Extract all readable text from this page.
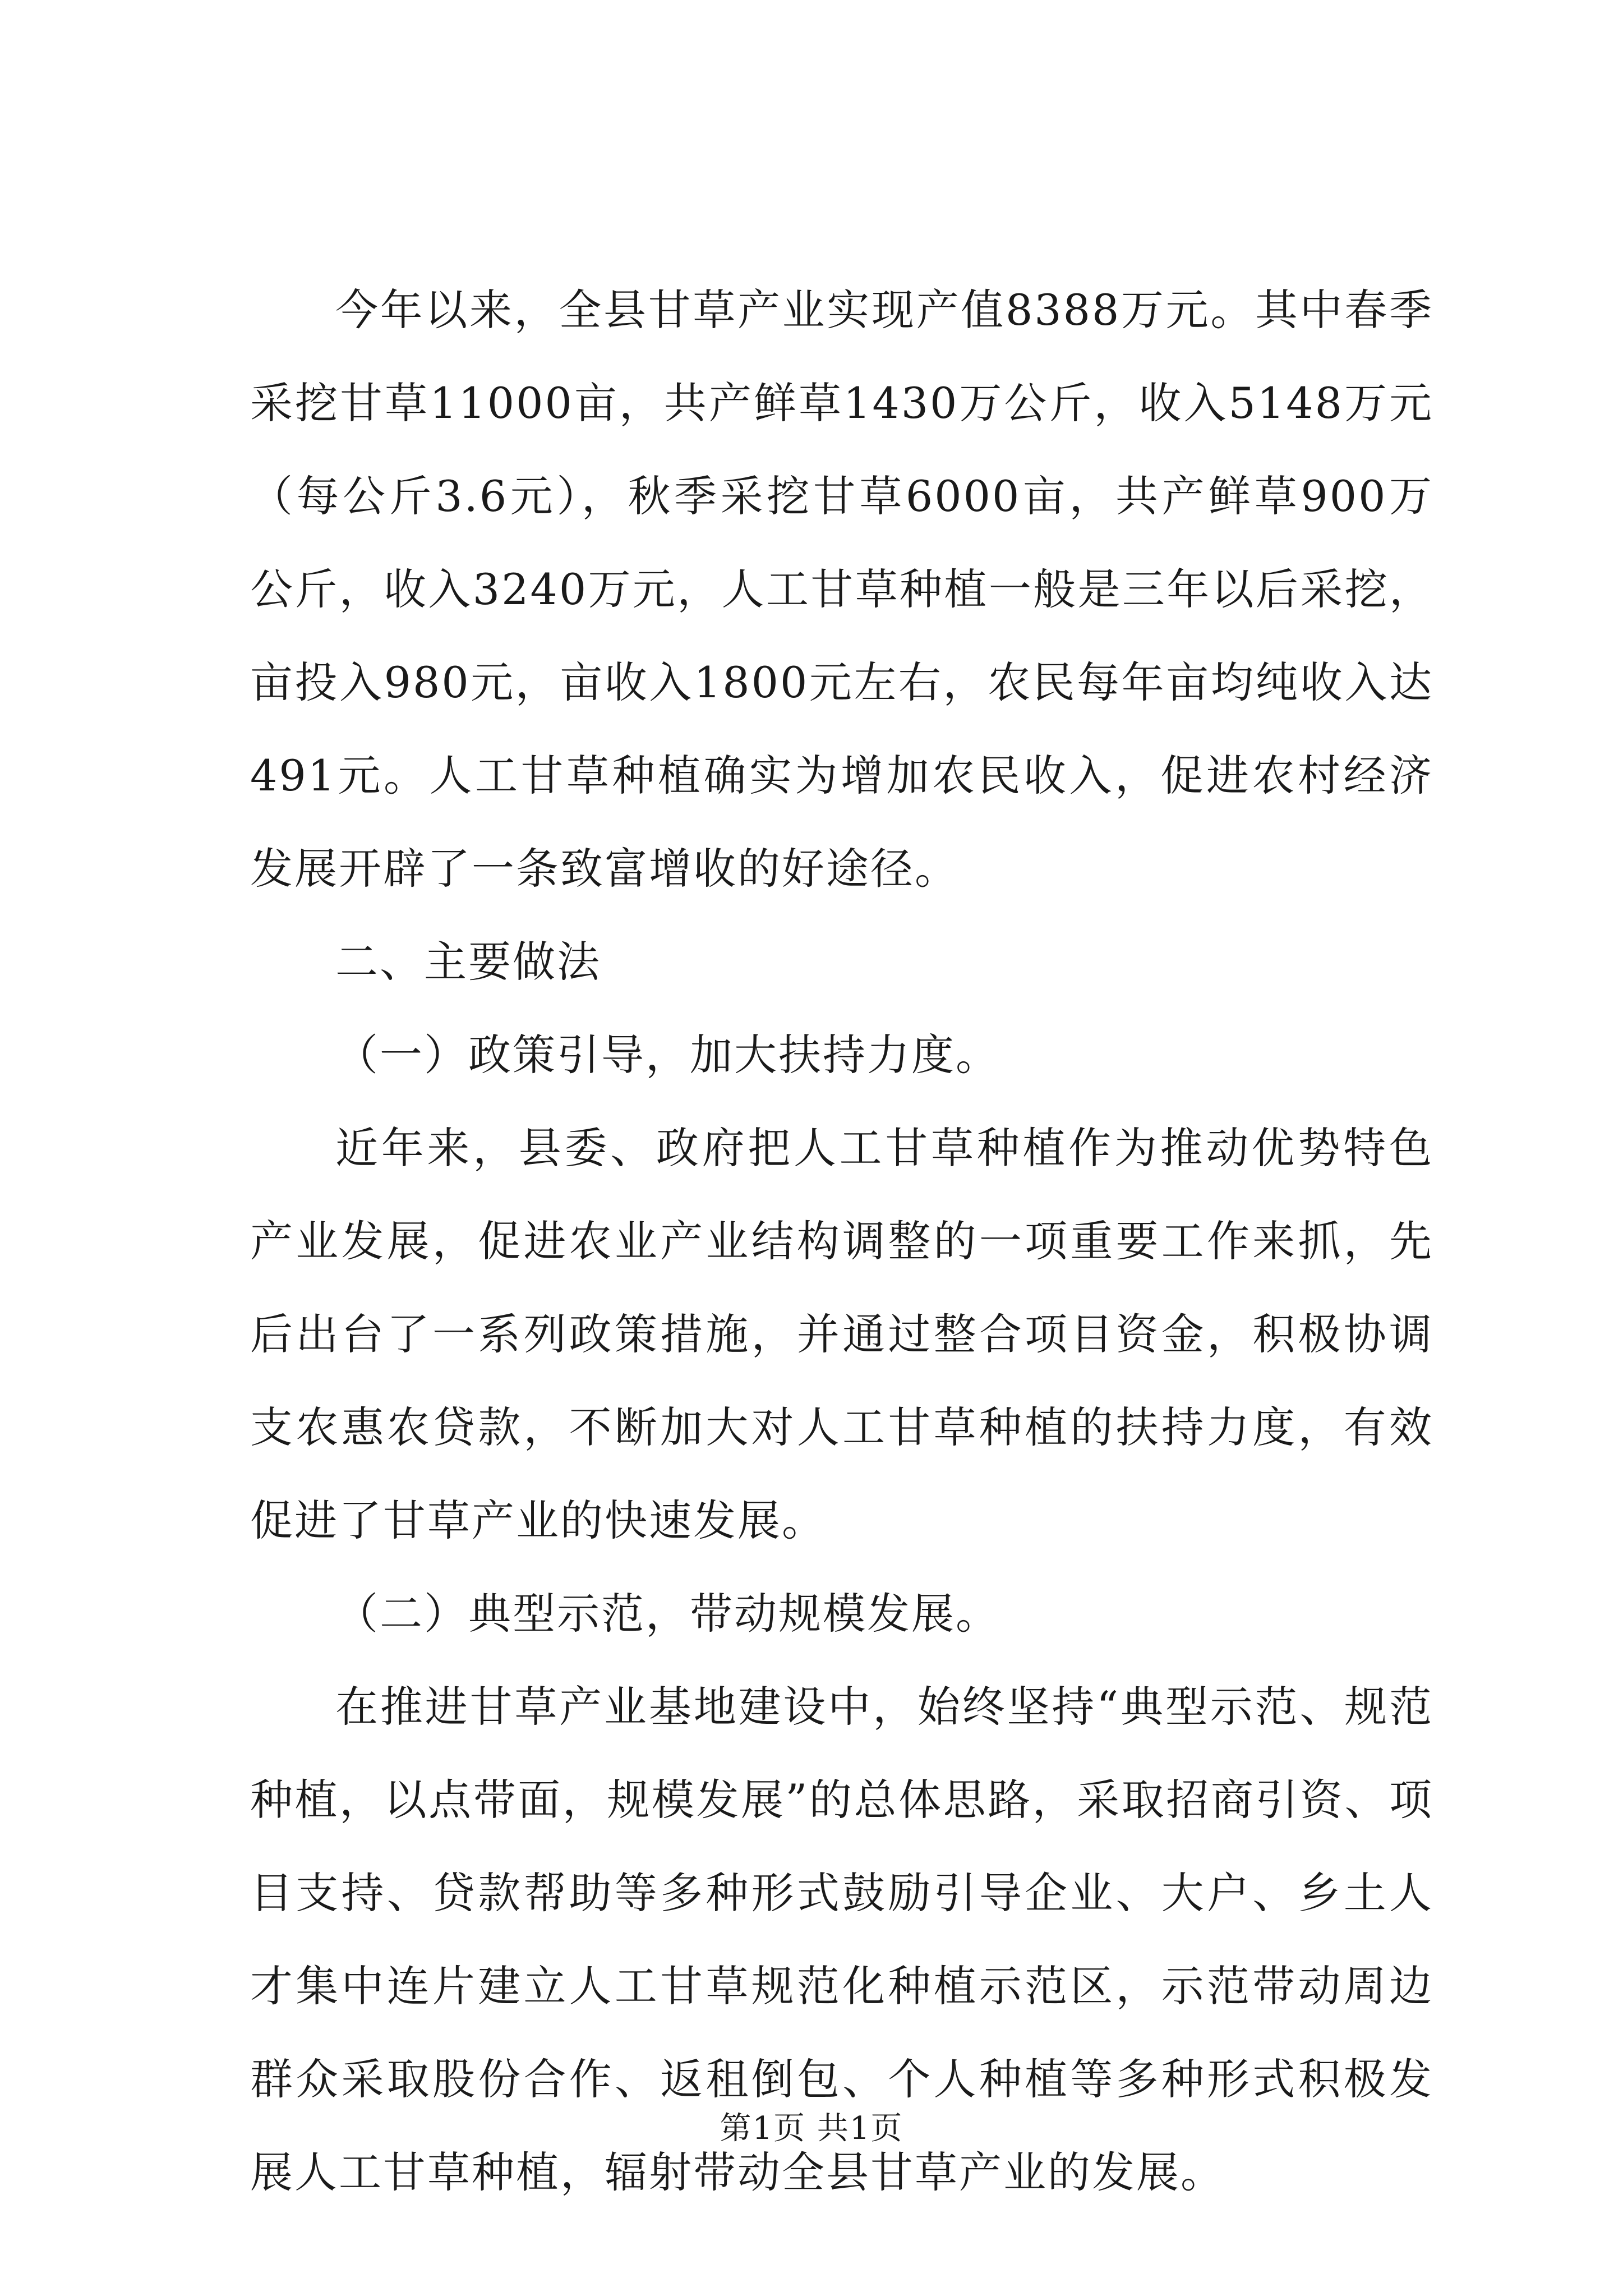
今年以来，全县甘草产业实现产值8388万元。其中春季采挖甘草11000亩，共产鲜草1430万公斤，收入5148万元（每公斤3.6元），秋季采挖甘草6000亩，共产鲜草900万公斤，收入3240万元，人工甘草种植一般是三年以后采挖，亩投入980元，亩收入1800元左右，农民每年亩均纯收入达491元。人工甘草种植确实为增加农民收入，促进农村经济发展开辟了一条致富增收的好途径。

二、主要做法

（一）政策引导，加大扶持力度。

近年来，县委、政府把人工甘草种植作为推动优势特色产业发展，促进农业产业结构调整的一项重要工作来抓，先后出台了一系列政策措施，并通过整合项目资金，积极协调支农惠农贷款，不断加大对人工甘草种植的扶持力度，有效促进了甘草产业的快速发展。

（二）典型示范，带动规模发展。

在推进甘草产业基地建设中，始终坚持“典型示范、规范种植，以点带面，规模发展”的总体思路，采取招商引资、项目支持、贷款帮助等多种形式鼓励引导企业、大户、乡土人才集中连片建立人工甘草规范化种植示范区，示范带动周边群众采取股份合作、返租倒包、个人种植等多种形式积极发展人工甘草种植，辐射带动全县甘草产业的发展。

第1页 共1页
